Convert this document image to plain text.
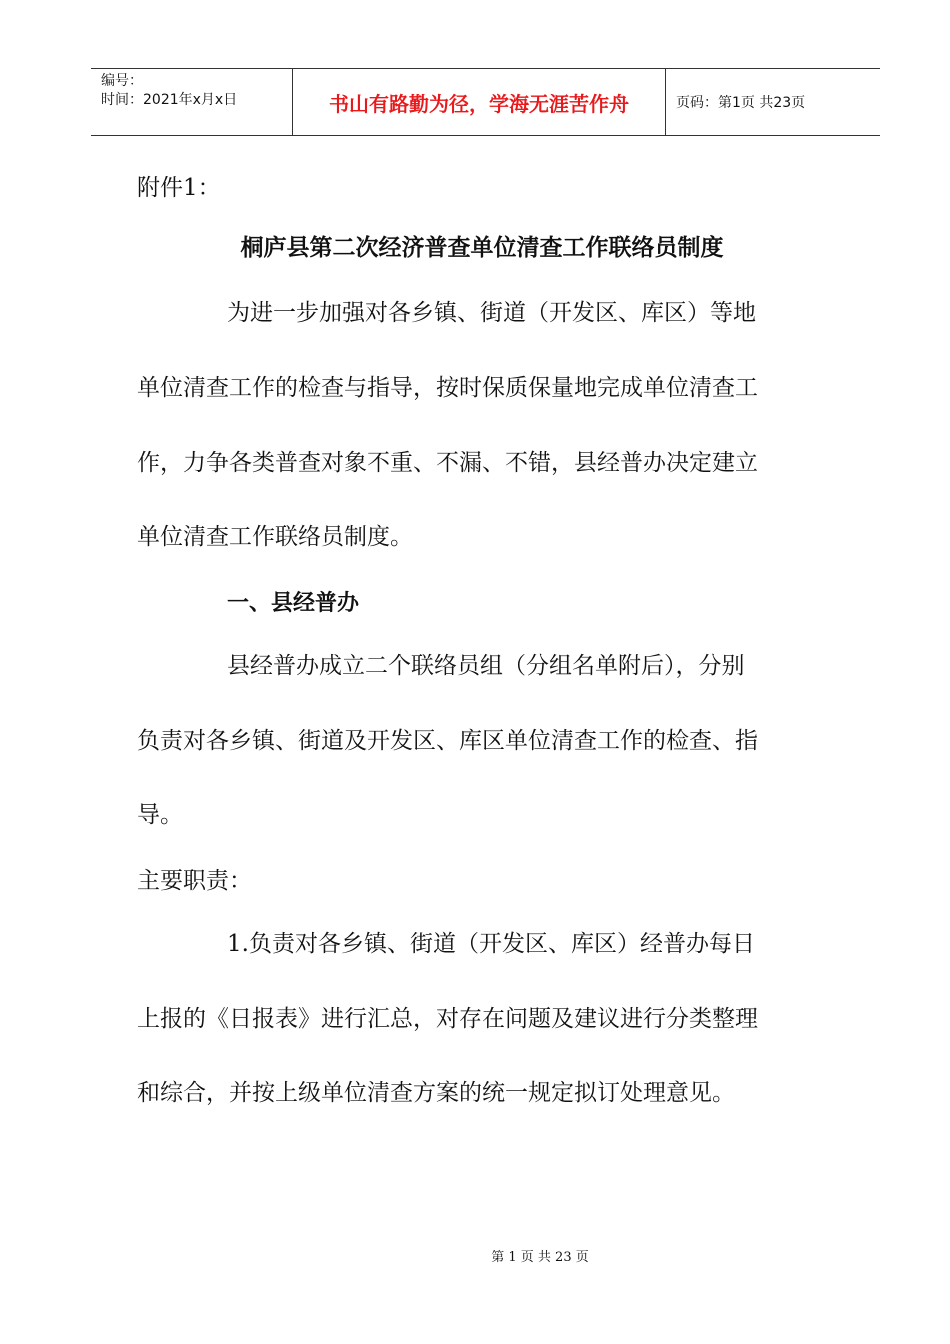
编号：
时间：2021年x月x日	书山有路勤为径，学海无涯苦作舟	页码：第1页 共23页
附件1：
桐庐县第二次经济普查单位清查工作联络员制度
为进一步加强对各乡镇、街道（开发区、库区）等地
单位清查工作的检查与指导，按时保质保量地完成单位清查工
作，力争各类普查对象不重、不漏、不错，县经普办决定建立
单位清查工作联络员制度。
一、县经普办
县经普办成立二个联络员组（分组名单附后），分别
负责对各乡镇、街道及开发区、库区单位清查工作的检查、指
导。
主要职责：
1.负责对各乡镇、街道（开发区、库区）经普办每日
上报的《日报表》进行汇总，对存在问题及建议进行分类整理
和综合，并按上级单位清查方案的统一规定拟订处理意见。
第 1 页 共 23 页
